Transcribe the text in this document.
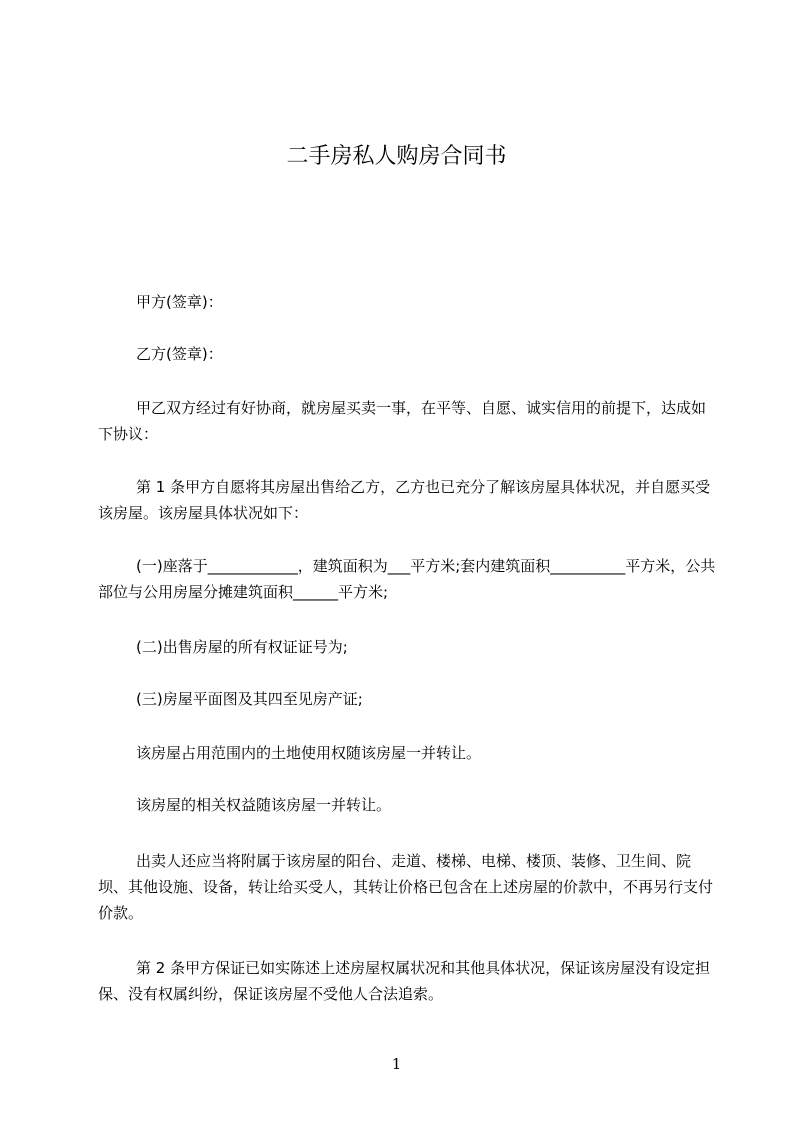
二手房私人购房合同书

甲方(签章)：

乙方(签章)：

甲乙双方经过有好协商，就房屋买卖一事，在平等、自愿、诚实信用的前提下，达成如下协议：

第 1 条甲方自愿将其房屋出售给乙方，乙方也已充分了解该房屋具体状况，并自愿买受该房屋。该房屋具体状况如下：

(一)座落于____________，建筑面积为___平方米;套内建筑面积__________平方米，公共部位与公用房屋分摊建筑面积______平方米;

(二)出售房屋的所有权证证号为;

(三)房屋平面图及其四至见房产证;

该房屋占用范围内的土地使用权随该房屋一并转让。

该房屋的相关权益随该房屋一并转让。

出卖人还应当将附属于该房屋的阳台、走道、楼梯、电梯、楼顶、装修、卫生间、院坝、其他设施、设备，转让给买受人，其转让价格已包含在上述房屋的价款中，不再另行支付价款。

第 2 条甲方保证已如实陈述上述房屋权属状况和其他具体状况，保证该房屋没有设定担保、没有权属纠纷，保证该房屋不受他人合法追索。

1
